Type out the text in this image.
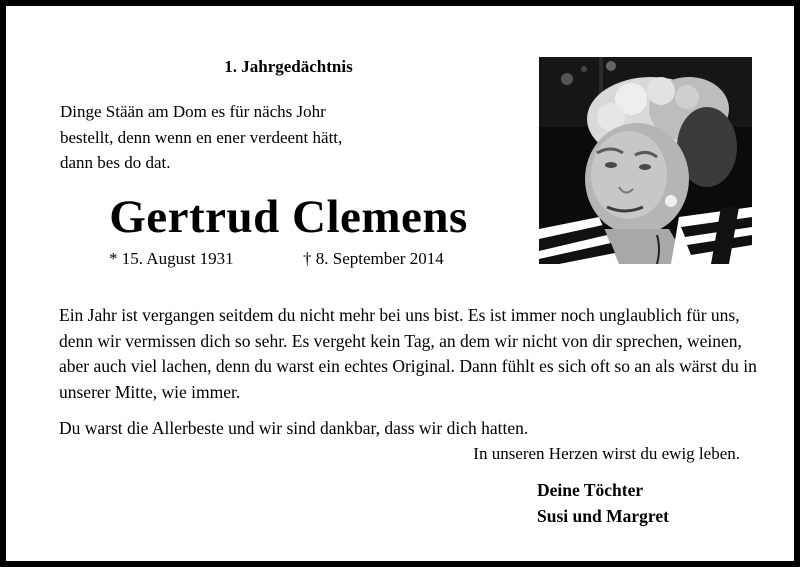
1. Jahrgedächtnis
Dinge Stään am Dom es für nächs Johr
bestellt, denn wenn en ener verdeent hätt,
dann bes do dat.
Gertrud Clemens
* 15. August 1931	† 8. September 2014

Ein Jahr ist vergangen seitdem du nicht mehr bei uns bist. Es ist immer noch unglaublich für uns, denn wir vermissen dich so sehr. Es vergeht kein Tag, an dem wir nicht von dir sprechen, weinen, aber auch viel lachen, denn du warst ein echtes Original. Dann fühlt es sich oft so an als wärst du in unserer Mitte, wie immer.

Du warst die Allerbeste und wir sind dankbar, dass wir dich hatten.

In unseren Herzen wirst du ewig leben.
Deine Töchter
Susi und Margret
